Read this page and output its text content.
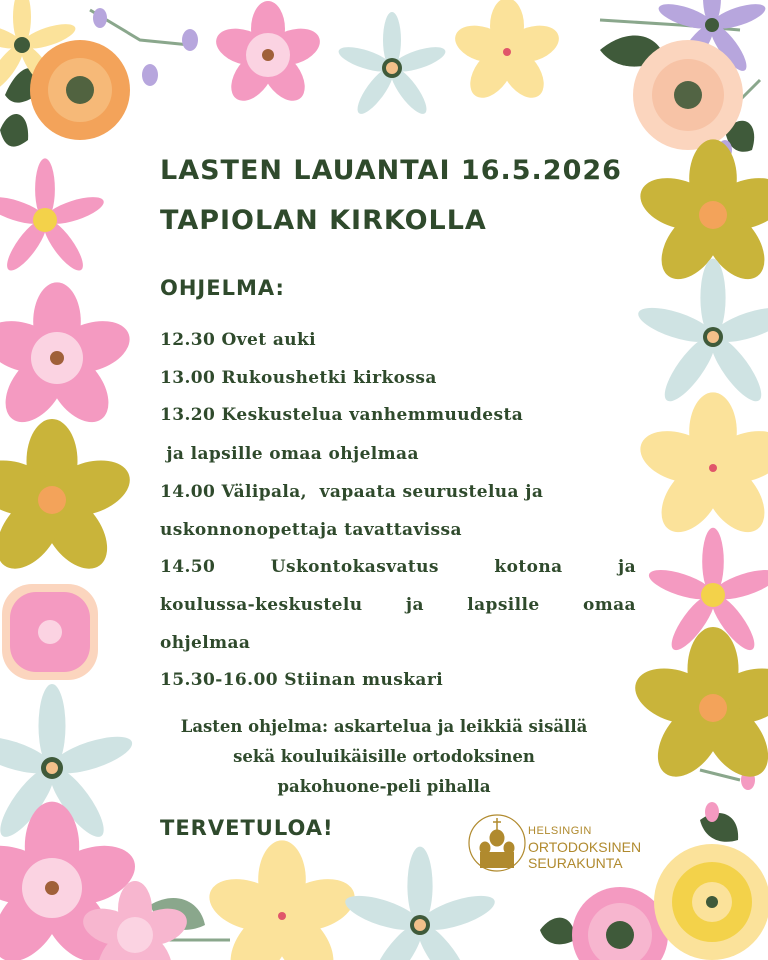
LASTEN LAUANTAI 16.5.2026
TAPIOLAN KIRKOLLA
OHJELMA:
12.30 Ovet auki
13.00 Rukoushetki kirkossa
13.20 Keskustelua vanhemmuudesta
ja lapsille omaa ohjelmaa
14.00 Välipala,  vapaata seurustelua ja
uskonnonopettaja tavattavissa
14.50	Uskontokasvatus	kotona	ja
koulussa-keskustelu	ja	lapsille	omaa
ohjelmaa
15.30-16.00 Stiinan muskari
Lasten ohjelma: askartelua ja leikkiä sisällä
sekä kouluikäisille ortodoksinen
pakohuone-peli pihalla
TERVETULOA!	HELSINGIN
ORTODOKSINEN
SEURAKUNTA
